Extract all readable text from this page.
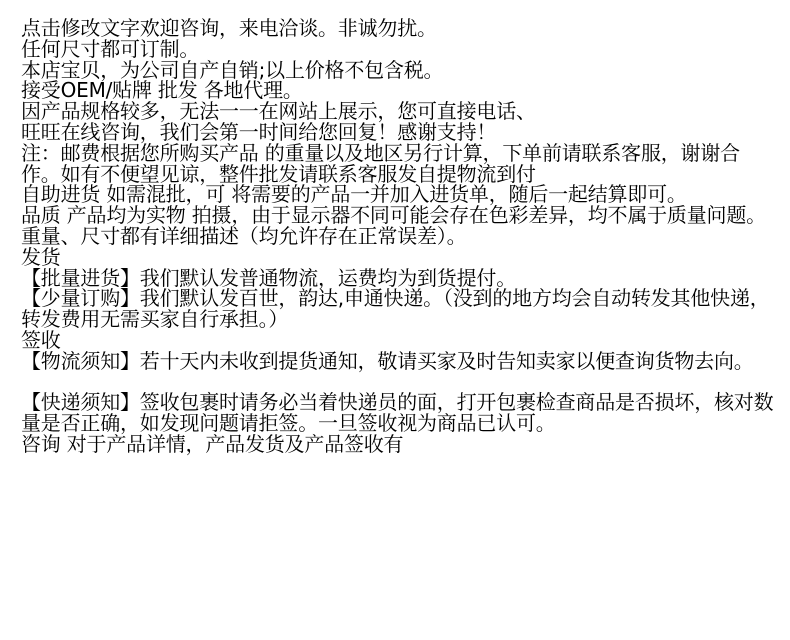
点击修改文字欢迎咨询，来电洽谈。非诚勿扰。

任何尺寸都可订制。

本店宝贝，为公司自产自销;以上价格不包含税。

接受OEM/贴牌 批发 各地代理。

因产品规格较多，无法一一在网站上展示，您可直接电话、

旺旺在线咨询，我们会第一时间给您回复！感谢支持！

注：邮费根据您所购买产品 的重量以及地区另行计算，下单前请联系客服，谢谢合作。如有不便望见谅，整件批发请联系客服发自提物流到付

自助进货 如需混批，可 将需要的产品一并加入进货单，随后一起结算即可。

品质 产品均为实物 拍摄，由于显示器不同可能会存在色彩差异，均不属于质量问题。重量、尺寸都有详细描述（均允许存在正常误差）。

发货

【批量进货】我们默认发普通物流，运费均为到货提付。

【少量订购】我们默认发百世，韵达,申通快递。（没到的地方均会自动转发其他快递，转发费用无需买家自行承担。）

签收

【物流须知】若十天内未收到提货通知，敬请买家及时告知卖家以便查询货物去向。

【快递须知】签收包裹时请务必当着快递员的面，打开包裹检查商品是否损坏，核对数量是否正确，如发现问题请拒签。一旦签收视为商品已认可。

咨询 对于产品详情，产品发货及产品签收有
